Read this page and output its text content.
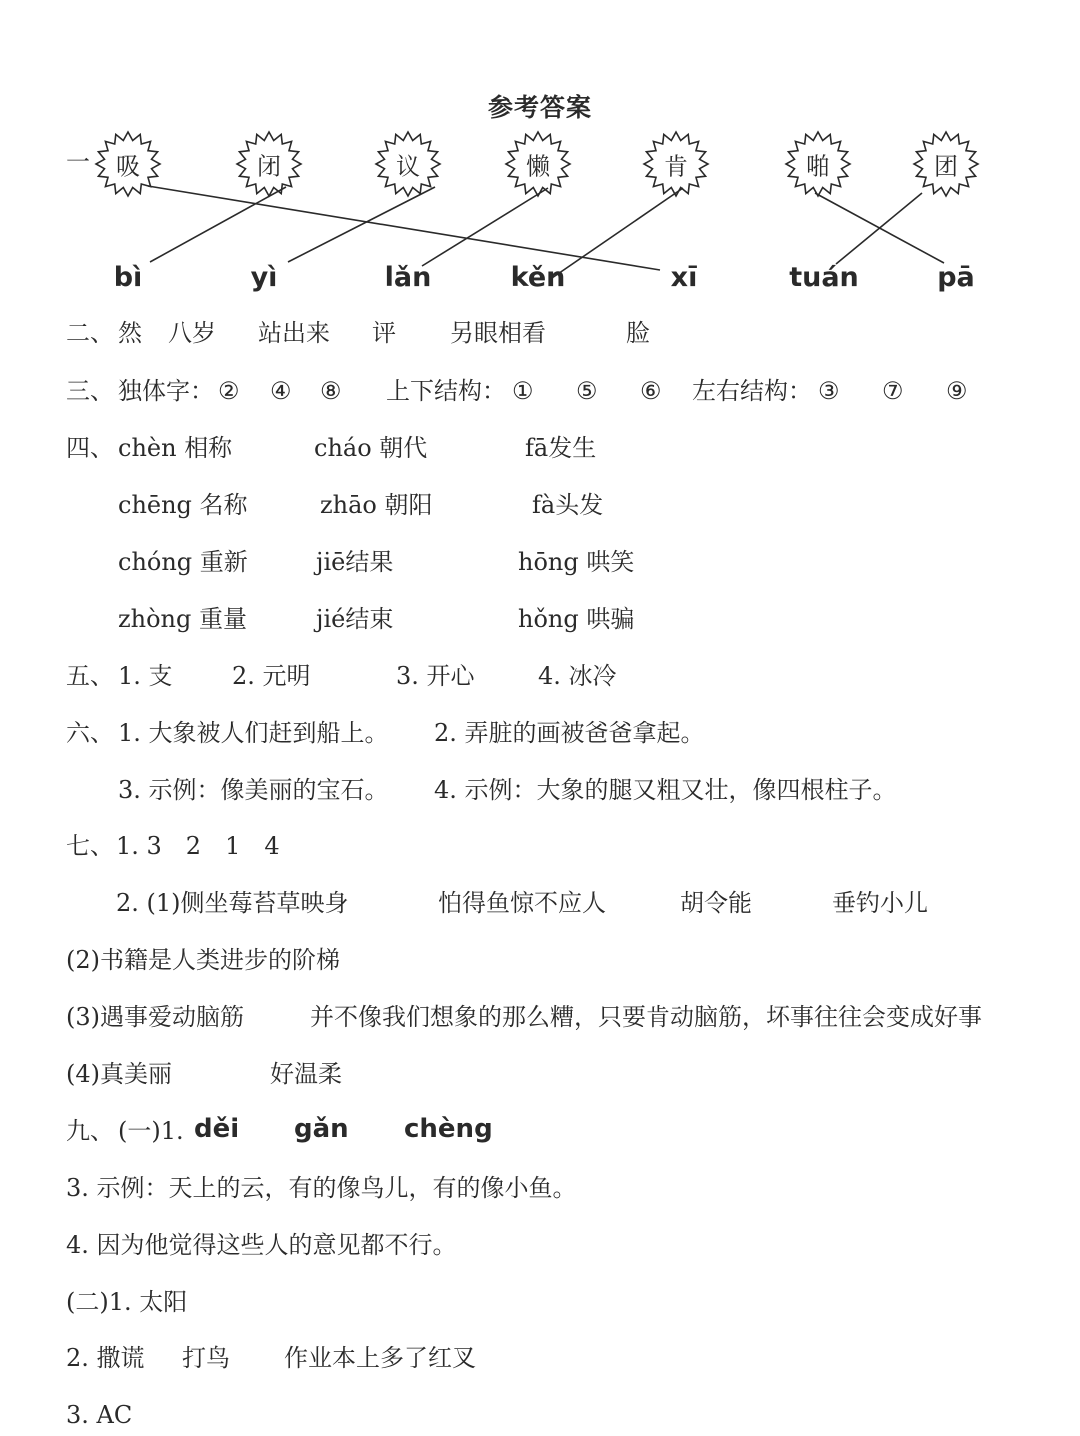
参考答案
一	吸	闭	议	懒	肯	啪	团
bì	yì	lǎn	kěn	xī	tuán	pā
二、 然 八岁 站出来 评 另眼相看	脸
三、 独体字： ② ④ ⑧ 上下结构： ① ⑤ ⑥ 左右结构： ③ ⑦ ⑨
四、 chèn 相称	cháo 朝代	fā发生
chēng 名称	zhāo 朝阳	fà头发
chóng 重新	jiē结果	hōng 哄笑
zhòng 重量	jié结束	hǒng 哄骗
五、 1. 支 2. 元明	3. 开心	4. 冰冷
六、 1. 大象被人们赶到船上。 2. 弄脏的画被爸爸拿起。
3. 示例：像美丽的宝石。 4. 示例：大象的腿又粗又壮，像四根柱子。
七、 1. 3　2　1　4
2. (1)侧坐莓苔草映身	怕得鱼惊不应人	胡令能	垂钓小儿
(2)书籍是人类进步的阶梯
(3)遇事爱动脑筋	并不像我们想象的那么糟，只要肯动脑筋，坏事往往会变成好事
(4)真美丽	好温柔
九、 (一)1. děi gǎn chèng
3. 示例：天上的云，有的像鸟儿，有的像小鱼。
4. 因为他觉得这些人的意见都不行。
(二)1. 太阳
2. 撒谎 打鸟 作业本上多了红叉
3. AC
